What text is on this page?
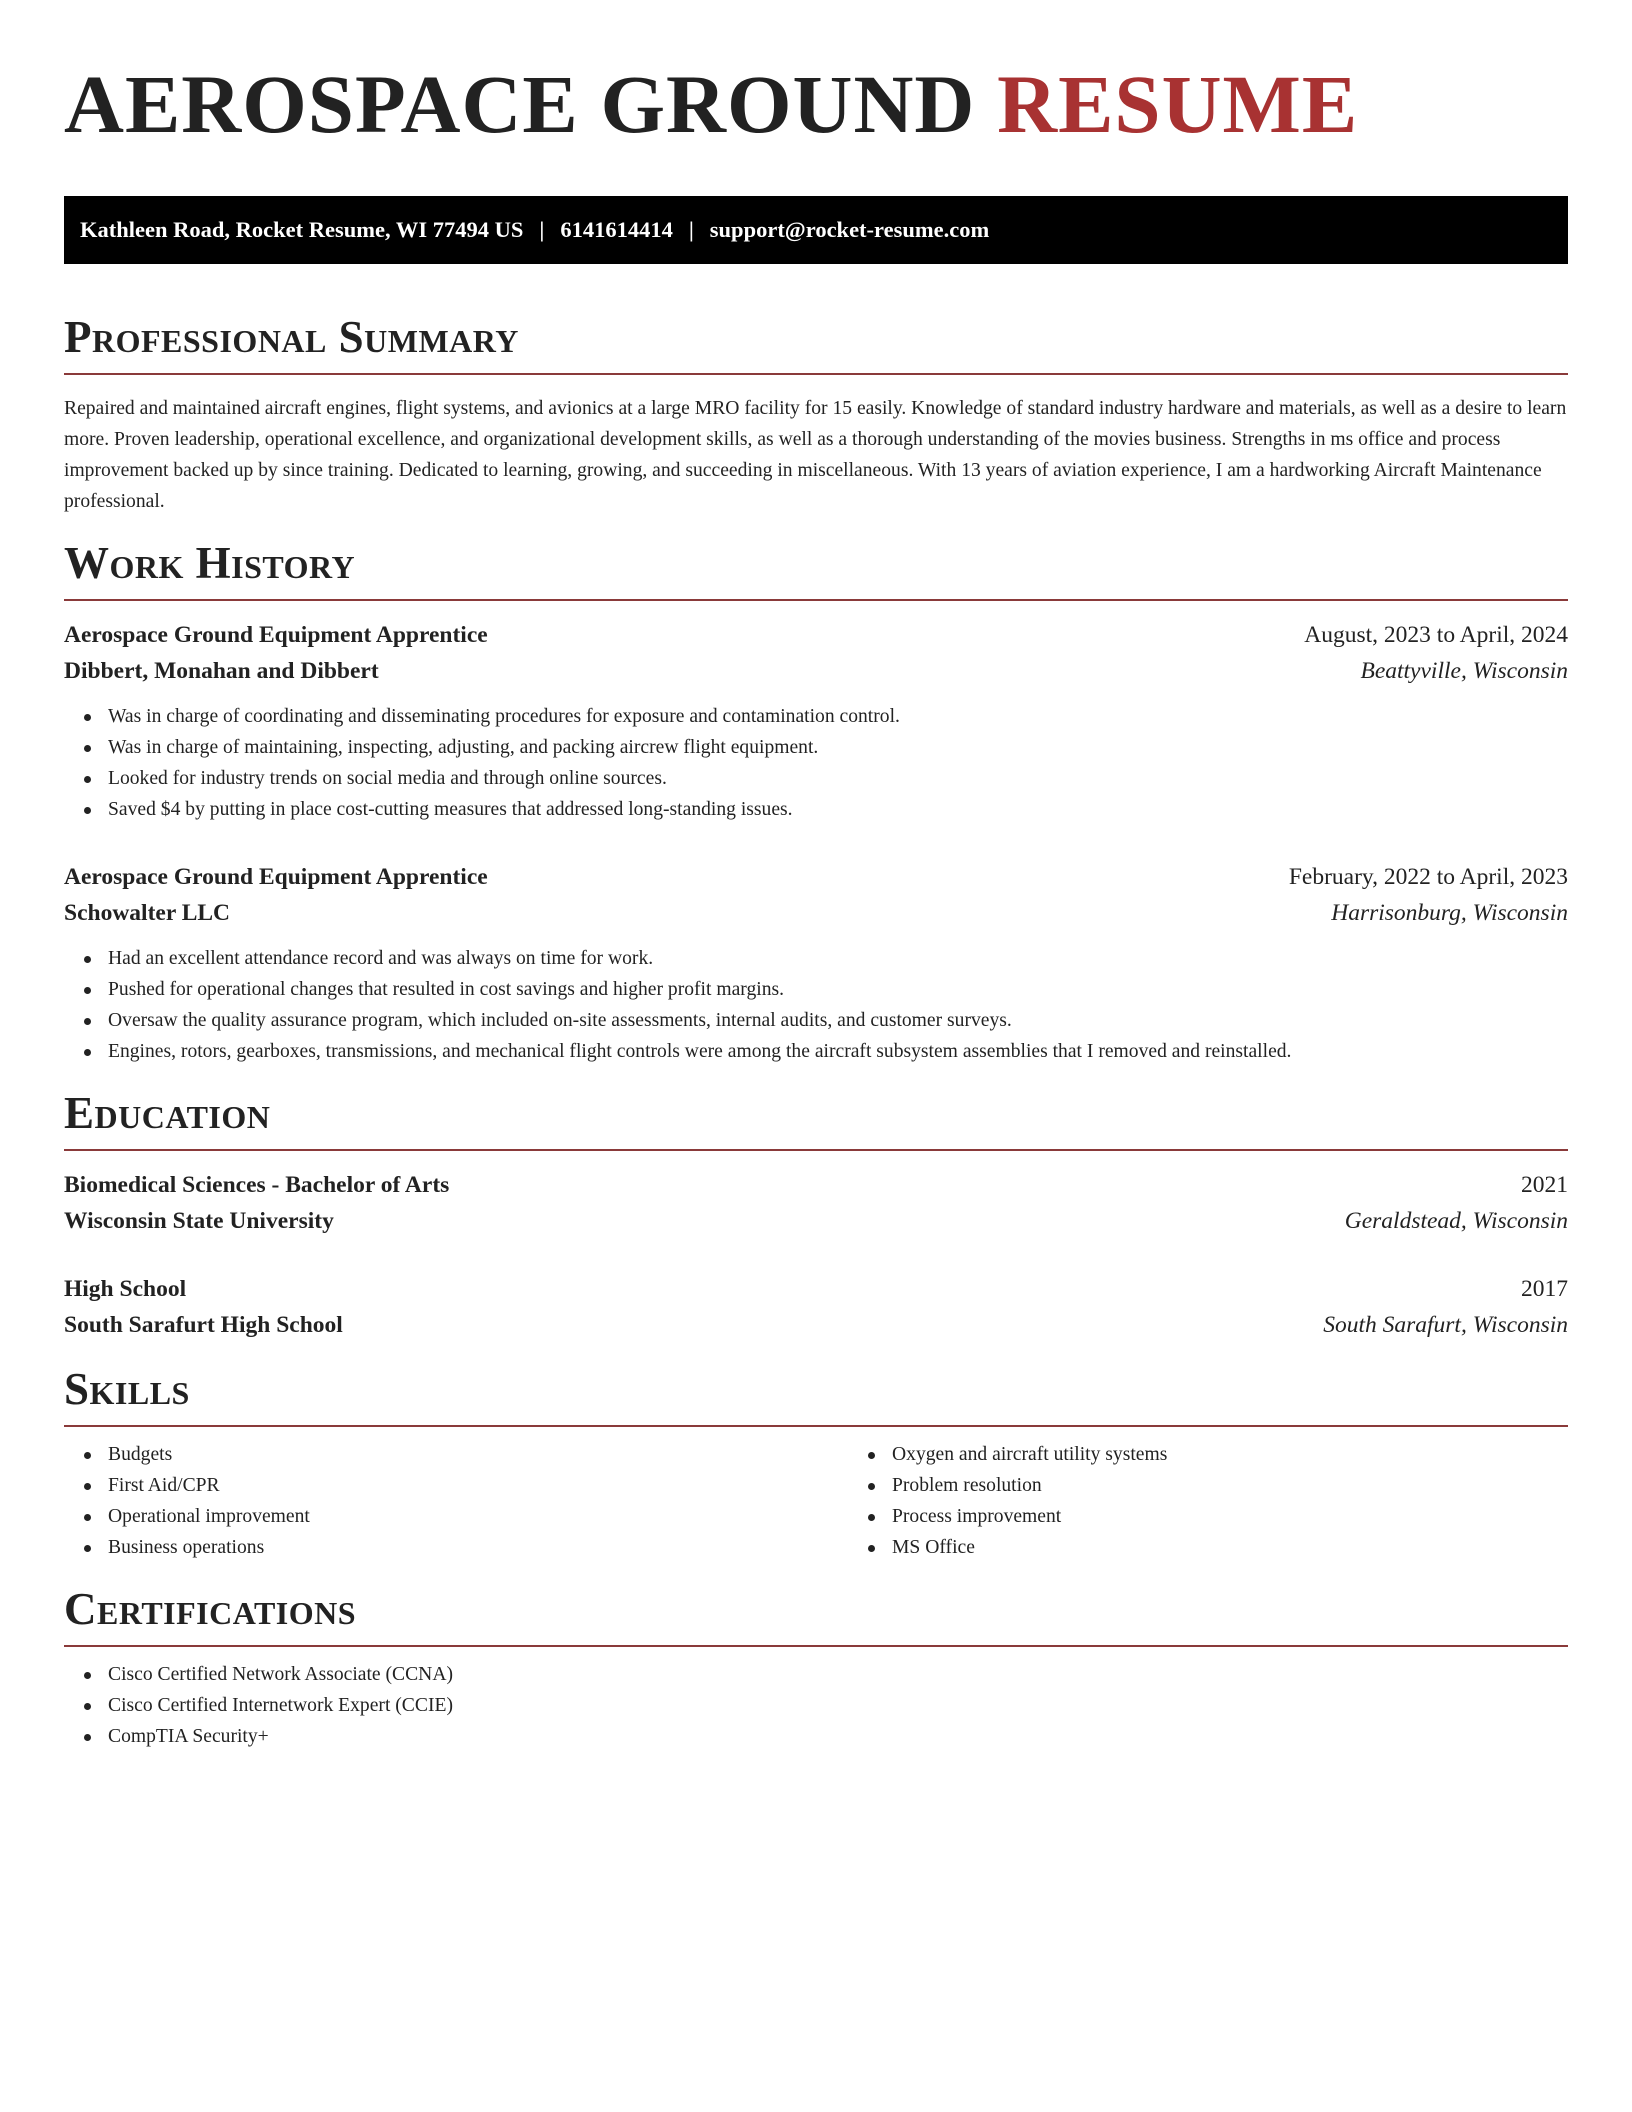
AEROSPACE GROUND RESUME
Kathleen Road, Rocket Resume, WI 77494 US | 6141614414 | support@rocket-resume.com
Professional Summary

Repaired and maintained aircraft engines, flight systems, and avionics at a large MRO facility for 15 easily. Knowledge of standard industry hardware and materials, as well as a desire to learn more. Proven leadership, operational excellence, and organizational development skills, as well as a thorough understanding of the movies business. Strengths in ms office and process improvement backed up by since training. Dedicated to learning, growing, and succeeding in miscellaneous. With 13 years of aviation experience, I am a hardworking Aircraft Maintenance professional.

Work History
Aerospace Ground Equipment Apprentice	August, 2023 to April, 2024
Dibbert, Monahan and Dibbert	Beattyville, Wisconsin
Was in charge of coordinating and disseminating procedures for exposure and contamination control.
Was in charge of maintaining, inspecting, adjusting, and packing aircrew flight equipment.
Looked for industry trends on social media and through online sources.
Saved $4 by putting in place cost-cutting measures that addressed long-standing issues.
Aerospace Ground Equipment Apprentice	February, 2022 to April, 2023
Schowalter LLC	Harrisonburg, Wisconsin
Had an excellent attendance record and was always on time for work.
Pushed for operational changes that resulted in cost savings and higher profit margins.
Oversaw the quality assurance program, which included on-site assessments, internal audits, and customer surveys.
Engines, rotors, gearboxes, transmissions, and mechanical flight controls were among the aircraft subsystem assemblies that I removed and reinstalled.
Education
Biomedical Sciences - Bachelor of Arts	2021
Wisconsin State University	Geraldstead, Wisconsin
High School	2017
South Sarafurt High School	South Sarafurt, Wisconsin
Skills
Budgets
First Aid/CPR
Operational improvement
Business operations
Oxygen and aircraft utility systems
Problem resolution
Process improvement
MS Office
Certifications
Cisco Certified Network Associate (CCNA)
Cisco Certified Internetwork Expert (CCIE)
CompTIA Security+
